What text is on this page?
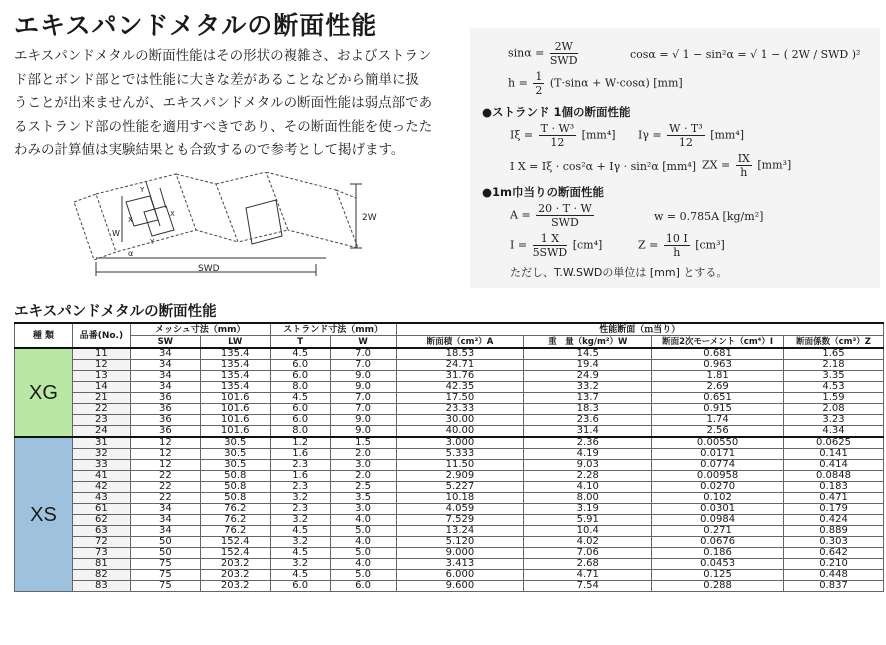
エキスパンドメタルの断面性能
エキスパンドメタルの断面性能はその形状の複雑さ、およびストラン
ド部とボンド部とでは性能に大きな差があることなどから簡単に扱
うことが出来ませんが、エキスパンドメタルの断面性能は弱点部であ
るストランド部の性能を適用すべきであり、その断面性能を使ったた
わみの計算値は実験結果とも合致するので参考として掲げます。
SWD
2W
W
X
X
Y
Y
α
$\sin\alpha = \frac{2W}{\text{SWD}}$	cosα = √ 1 − sin²α = √ 1 − ( 2W / SWD )²
$h = \frac{1}{2} (T\cdot\sin\alpha + W\cdot\cos\alpha)$ [mm]
●ストランド 1個の断面性能
$I\xi = \frac{\text{T · W³}}{12} [mm^4] I\gamma = \frac{\text{W · T³}}{12} [mm^4]$
I X = Iξ · cos²α + Iγ · sin²α [mm⁴] ZX = $\frac{IX}{h} [mm^3]$
●1m巾当りの断面性能
$A = \frac{20 \cdot T \cdot W}{\text{SWD}}$	w = 0.785A [kg/m²]
$I = \frac{1 X}{\text{5SWD}} [cm^4]$	$Z = \frac{10 I}{h} [cm^3]$
ただし、T.W.SWDの単位は [mm] とする。
エキスパンドメタルの断面性能
種 類	品番(No.)	メッシュ寸法（mm）		ストランド寸法（mm）		性能断面（ｍ当り）			
		SW	LW	T	W	断面積（cm²）A	重　量（kg/m²）W	断面2次モーメント（cm⁴）I	断面係数（cm³）Z
XG	11	34	135.4	4.5	7.0	18.53	14.5	0.681	1.65
	12	34	135.4	6.0	7.0	24.71	19.4	0.963	2.18
	13	34	135.4	6.0	9.0	31.76	24.9	1.81	3.35
	14	34	135.4	8.0	9.0	42.35	33.2	2.69	4.53
	21	36	101.6	4.5	7.0	17.50	13.7	0.651	1.59
	22	36	101.6	6.0	7.0	23.33	18.3	0.915	2.08
	23	36	101.6	6.0	9.0	30.00	23.6	1.74	3.23
	24	36	101.6	8.0	9.0	40.00	31.4	2.56	4.34
XS	31	12	30.5	1.2	1.5	3.000	2.36	0.00550	0.0625
	32	12	30.5	1.6	2.0	5.333	4.19	0.0171	0.141
	33	12	30.5	2.3	3.0	11.50	9.03	0.0774	0.414
	41	22	50.8	1.6	2.0	2.909	2.28	0.00958	0.0848
	42	22	50.8	2.3	2.5	5.227	4.10	0.0270	0.183
	43	22	50.8	3.2	3.5	10.18	8.00	0.102	0.471
	61	34	76.2	2.3	3.0	4.059	3.19	0.0301	0.179
	62	34	76.2	3.2	4.0	7.529	5.91	0.0984	0.424
	63	34	76.2	4.5	5.0	13.24	10.4	0.271	0.889
	72	50	152.4	3.2	4.0	5.120	4.02	0.0676	0.303
	73	50	152.4	4.5	5.0	9.000	7.06	0.186	0.642
	81	75	203.2	3.2	4.0	3.413	2.68	0.0453	0.210
	82	75	203.2	4.5	5.0	6.000	4.71	0.125	0.448
	83	75	203.2	6.0	6.0	9.600	7.54	0.288	0.837
